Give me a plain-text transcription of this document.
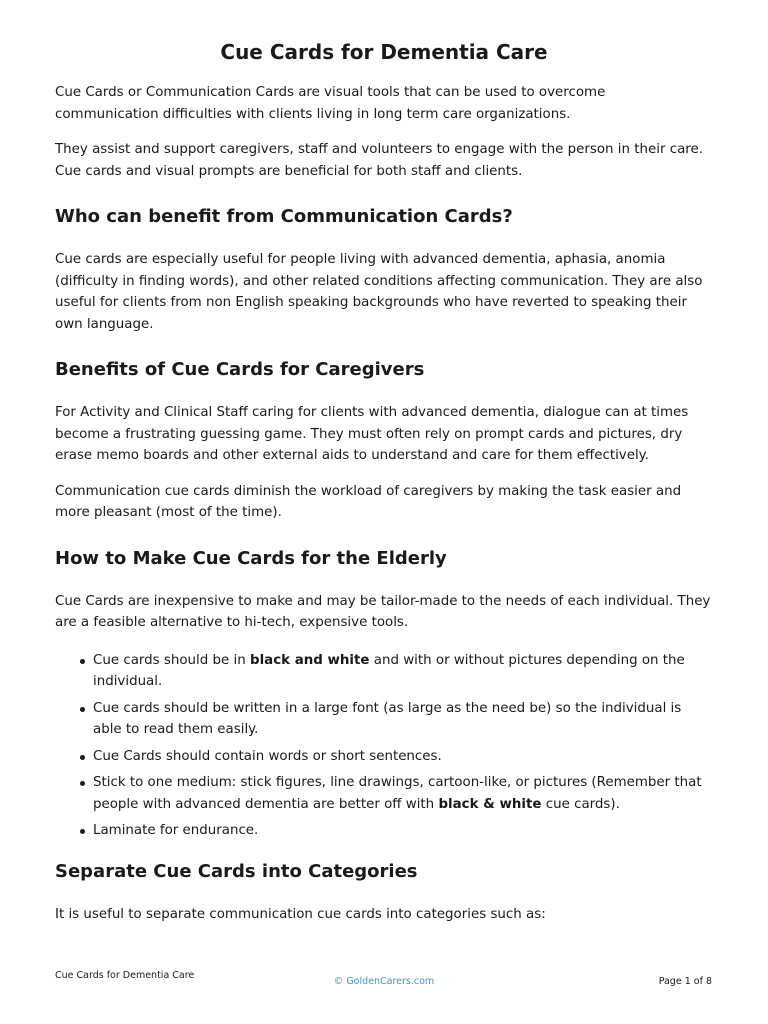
Cue Cards for Dementia Care

Cue Cards or Communication Cards are visual tools that can be used to overcome communication difficulties with clients living in long term care organizations.

They assist and support caregivers, staff and volunteers to engage with the person in their care. Cue cards and visual prompts are beneficial for both staff and clients.

Who can benefit from Communication Cards?

Cue cards are especially useful for people living with advanced dementia, aphasia, anomia (difficulty in finding words), and other related conditions affecting communication. They are also useful for clients from non English speaking backgrounds who have reverted to speaking their own language.

Benefits of Cue Cards for Caregivers

For Activity and Clinical Staff caring for clients with advanced dementia, dialogue can at times become a frustrating guessing game. They must often rely on prompt cards and pictures, dry erase memo boards and other external aids to understand and care for them effectively.

Communication cue cards diminish the workload of caregivers by making the task easier and more pleasant (most of the time).

How to Make Cue Cards for the Elderly

Cue Cards are inexpensive to make and may be tailor-made to the needs of each individual. They are a feasible alternative to hi-tech, expensive tools.

Cue cards should be in black and white and with or without pictures depending on the individual.
Cue cards should be written in a large font (as large as the need be) so the individual is able to read them easily.
Cue Cards should contain words or short sentences.
Stick to one medium: stick figures, line drawings, cartoon-like, or pictures (Remember that people with advanced dementia are better off with black & white cue cards).
Laminate for endurance.
Separate Cue Cards into Categories

It is useful to separate communication cue cards into categories such as:

Cue Cards for Dementia Care
© GoldenCarers.com	Page 1 of 8
